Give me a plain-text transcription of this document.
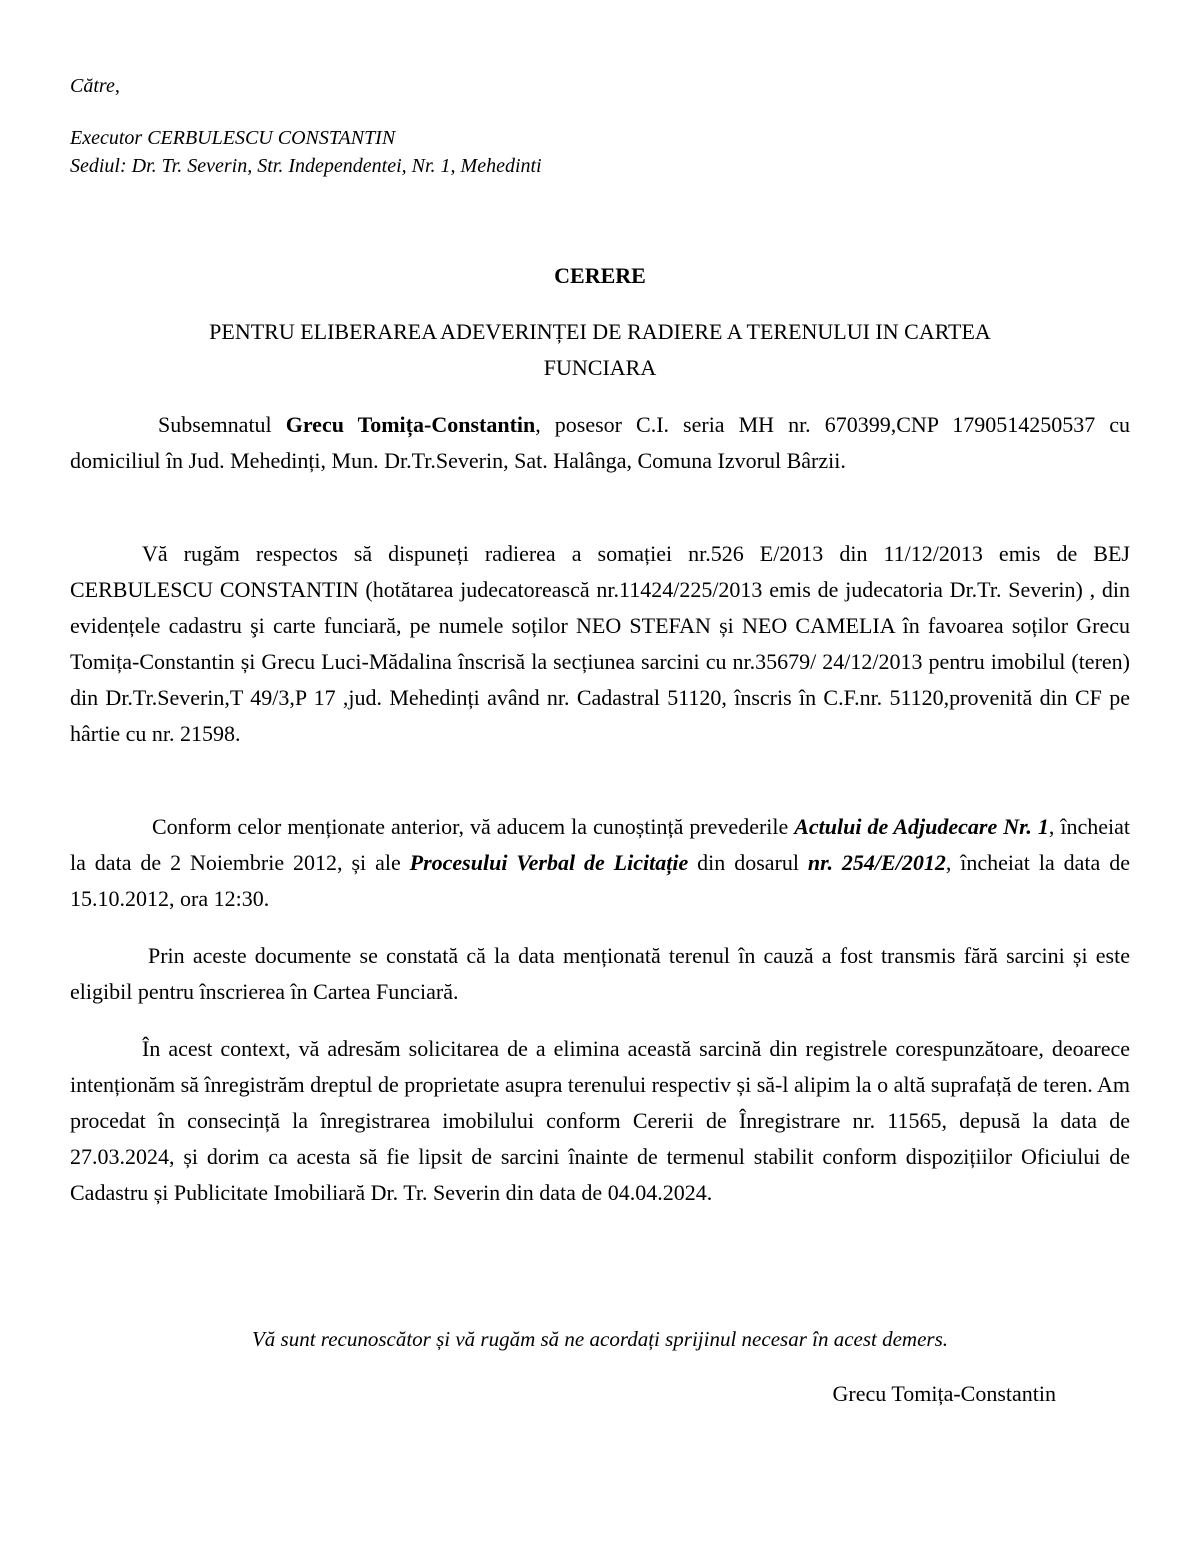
Către,
Executor CERBULESCU CONSTANTIN
Sediul: Dr. Tr. Severin, Str. Independentei, Nr. 1, Mehedinti
CERERE
PENTRU ELIBERAREA ADEVERINȚEI DE RADIERE A TERENULUI IN CARTEA
FUNCIARA
Subsemnatul Grecu Tomița-Constantin, posesor C.I. seria MH nr. 670399,CNP 1790514250537 cu domiciliul în Jud. Mehedinți, Mun. Dr.Tr.Severin, Sat. Halânga, Comuna Izvorul Bârzii.
Vă rugăm respectos să dispuneți radierea a somației nr.526 E/2013 din 11/12/2013 emis de BEJ CERBULESCU CONSTANTIN (hotătarea judecatorească nr.11424/225/2013 emis de judecatoria Dr.Tr. Severin) , din evidențele cadastru şi carte funciară, pe numele soților NEO STEFAN și NEO CAMELIA în favoarea soților Grecu Tomița-Constantin și Grecu Luci-Mădalina înscrisă la secțiunea sarcini cu nr.35679/ 24/12/2013 pentru imobilul (teren) din Dr.Tr.Severin,T 49/3,P 17 ,jud. Mehedinți având nr. Cadastral 51120, înscris în C.F.nr. 51120,provenită din CF pe hârtie cu nr. 21598.
Conform celor menționate anterior, vă aducem la cunoștință prevederile Actului de Adjudecare Nr. 1, încheiat la data de 2 Noiembrie 2012, și ale Procesului Verbal de Licitație din dosarul nr. 254/E/2012, încheiat la data de 15.10.2012, ora 12:30.
Prin aceste documente se constată că la data menționată terenul în cauză a fost transmis fără sarcini și este eligibil pentru înscrierea în Cartea Funciară.
În acest context, vă adresăm solicitarea de a elimina această sarcină din registrele corespunzătoare, deoarece intenționăm să înregistrăm dreptul de proprietate asupra terenului respectiv și să-l alipim la o altă suprafață de teren. Am procedat în consecință la înregistrarea imobilului conform Cererii de Înregistrare nr. 11565, depusă la data de 27.03.2024, și dorim ca acesta să fie lipsit de sarcini înainte de termenul stabilit conform dispozițiilor Oficiului de Cadastru și Publicitate Imobiliară Dr. Tr. Severin din data de 04.04.2024.
Vă sunt recunoscător și vă rugăm să ne acordați sprijinul necesar în acest demers.
Grecu Tomița-Constantin
